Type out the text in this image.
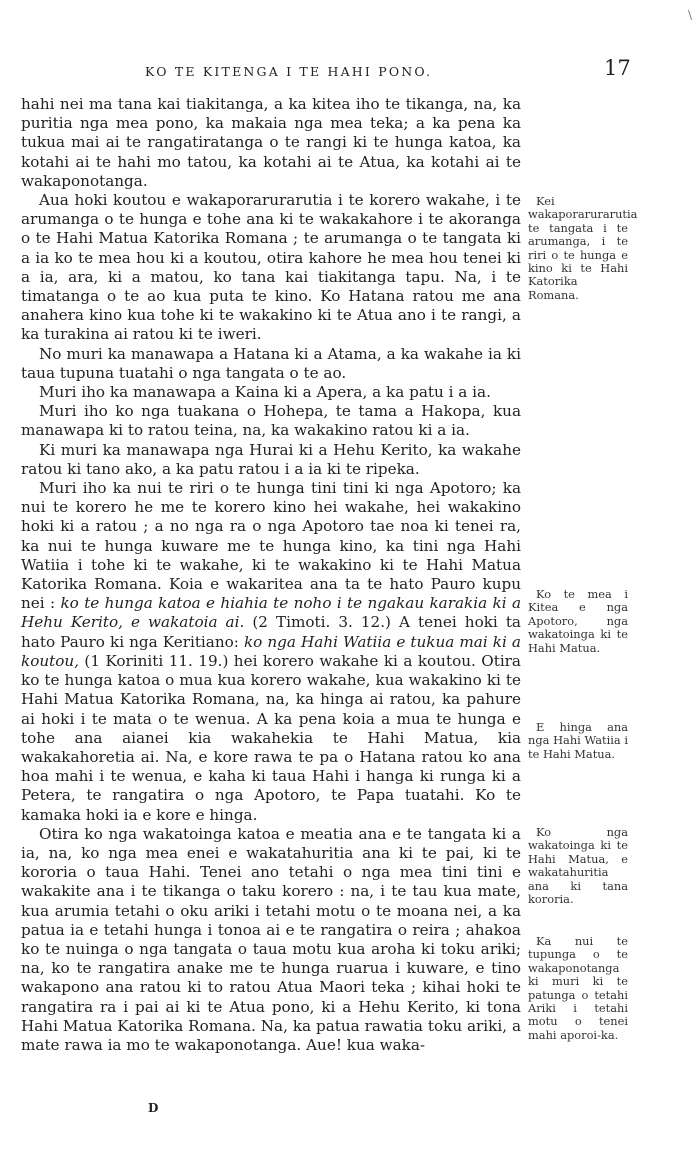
\
KO TE KITENGA I TE HAHI PONO.	17

hahi nei ma tana kai tiakitanga, a ka kitea iho te tikanga, na, ka puritia nga mea pono, ka makaia nga mea teka; a ka pena ka tukua mai ai te rangatiratanga o te rangi ki te hunga katoa, ka kotahi ai te hahi mo tatou, ka kotahi ai te Atua, ka kotahi ai te wakaponotanga.

Aua hoki koutou e wakaporarurarutia i te korero wakahe, i te arumanga o te hunga e tohe ana ki te wakakahore i te akoranga o te Hahi Matua Katorika Romana ; te arumanga o te tangata ki a ia ko te mea hou ki a koutou, otira kahore he mea hou tenei ki a ia, ara, ki a matou, ko tana kai tiakitanga tapu. Na, i te timatanga o te ao kua puta te kino. Ko Hatana ratou me ana anahera kino kua tohe ki te wakakino ki te Atua ano i te rangi, a ka turakina ai ratou ki te iweri.

No muri ka manawapa a Hatana ki a Atama, a ka wakahe ia ki taua tupuna tuatahi o nga tangata o te ao.

Muri iho ka manawapa a Kaina ki a Apera, a ka patu i a ia.

Muri iho ko nga tuakana o Hohepa, te tama a Hakopa, kua manawapa ki to ratou teina, na, ka wakakino ratou ki a ia.

Ki muri ka manawapa nga Hurai ki a Hehu Kerito, ka wakahe ratou ki tano ako, a ka patu ratou i a ia ki te ripeka.

Muri iho ka nui te riri o te hunga tini tini ki nga Apotoro; ka nui te korero he me te korero kino hei wakahe, hei wakakino hoki ki a ratou ; a no nga ra o nga Apotoro tae noa ki tenei ra, ka nui te hunga kuware me te hunga kino, ka tini nga Hahi Watiia i tohe ki te wakahe, ki te wakakino ki te Hahi Matua Katorika Romana. Koia e wakaritea ana ta te hato Pauro kupu nei : ko te hunga katoa e hiahia te noho i te ngakau karakia ki a Hehu Kerito, e wakatoia ai. (2 Timoti. 3. 12.) A tenei hoki ta hato Pauro ki nga Keritiano: ko nga Hahi Watiia e tukua mai ki a koutou, (1 Koriniti 11. 19.) hei korero wakahe ki a koutou. Otira ko te hunga katoa o mua kua korero wakahe, kua wakakino ki te Hahi Matua Katorika Romana, na, ka hinga ai ratou, ka pahure ai hoki i te mata o te wenua. A ka pena koia a mua te hunga e tohe ana aianei kia wakahekia te Hahi Matua, kia wakakahoretia ai. Na, e kore rawa te pa o Hatana ratou ko ana hoa mahi i te wenua, e kaha ki taua Hahi i hanga ki runga ki a Petera, te rangatira o nga Apotoro, te Papa tuatahi. Ko te kamaka hoki ia e kore e hinga.

Otira ko nga wakatoinga katoa e meatia ana e te tangata ki a ia, na, ko nga mea enei e wakatahuritia ana ki te pai, ki te kororia o taua Hahi. Tenei ano tetahi o nga mea tini tini e wakakite ana i te tikanga o taku korero : na, i te tau kua mate, kua arumia tetahi o oku ariki i tetahi motu o te moana nei, a ka patua ia e tetahi hunga i tonoa ai e te rangatira o reira ; ahakoa ko te nuinga o nga tangata o taua motu kua aroha ki toku ariki; na, ko te rangatira anake me te hunga ruarua i kuware, e tino wakapono ana ratou ki to ratou Atua Maori teka ; kihai hoki te rangatira ra i pai ai ki te Atua pono, ki a Hehu Kerito, ki tona Hahi Matua Katorika Romana. Na, ka patua rawatia toku ariki, a mate rawa ia mo te wakaponotanga. Aue! kua waka-

Kei wakaporarurarutia te tangata i te arumanga, i te riri o te hunga e kino ki te Hahi Katorika Romana.
Ko te mea i Kitea e nga Apotoro, nga wakatoinga ki te Hahi Matua.
E hinga ana nga Hahi Watiia i te Hahi Matua.
Ko nga wakatoinga ki te Hahi Matua, e wakatahuritia ana ki tana kororia.
Ka nui te tupunga o te wakaponotanga ki muri ki te patunga o tetahi Ariki i tetahi motu o tenei mahi aporoi-ka.
D
